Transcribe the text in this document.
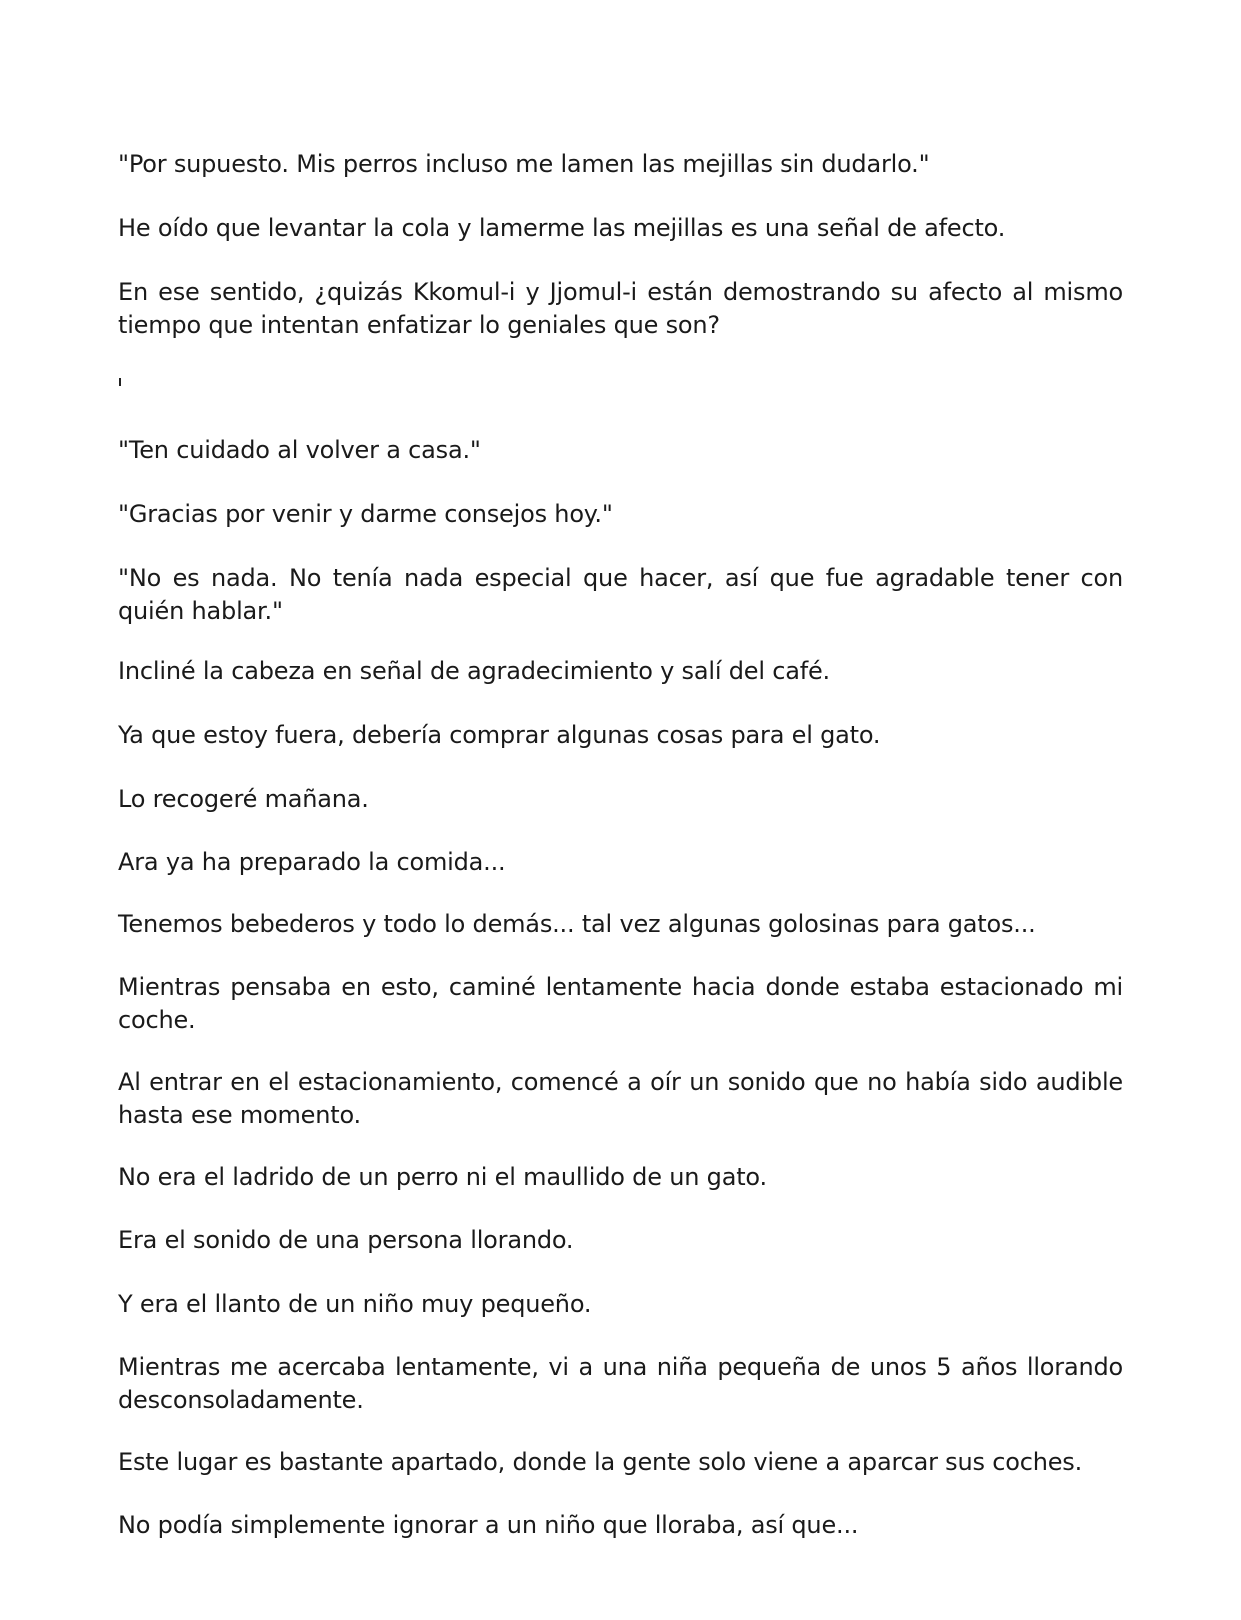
"Por supuesto. Mis perros incluso me lamen las mejillas sin dudarlo."

He oído que levantar la cola y lamerme las mejillas es una señal de afecto.

En ese sentido, ¿quizás Kkomul-i y Jjomul-i están demostrando su afecto al mismo tiempo que intentan enfatizar lo geniales que son?

"Ten cuidado al volver a casa."

"Gracias por venir y darme consejos hoy."

"No es nada. No tenía nada especial que hacer, así que fue agradable tener con quién hablar."

Incliné la cabeza en señal de agradecimiento y salí del café.

Ya que estoy fuera, debería comprar algunas cosas para el gato.

Lo recogeré mañana.

Ara ya ha preparado la comida...

Tenemos bebederos y todo lo demás... tal vez algunas golosinas para gatos...

Mientras pensaba en esto, caminé lentamente hacia donde estaba estacionado mi coche.

Al entrar en el estacionamiento, comencé a oír un sonido que no había sido audible hasta ese momento.

No era el ladrido de un perro ni el maullido de un gato.

Era el sonido de una persona llorando.

Y era el llanto de un niño muy pequeño.

Mientras me acercaba lentamente, vi a una niña pequeña de unos 5 años llorando desconsoladamente.

Este lugar es bastante apartado, donde la gente solo viene a aparcar sus coches.

No podía simplemente ignorar a un niño que lloraba, así que...
